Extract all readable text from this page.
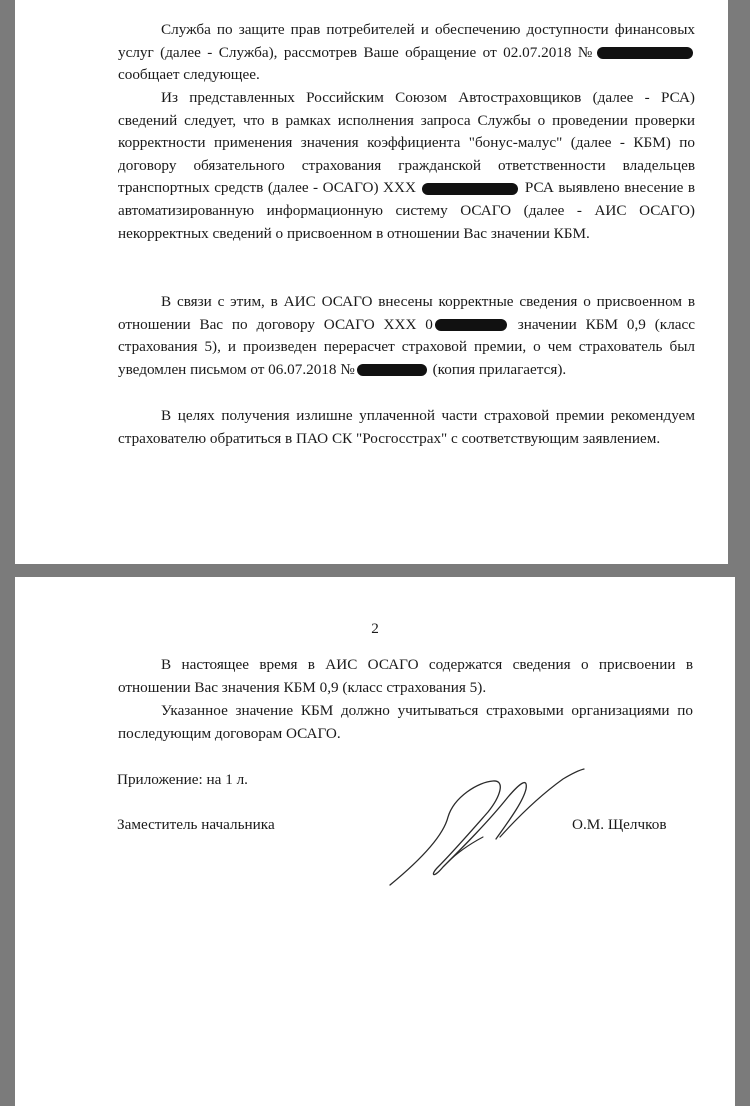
Служба по защите прав потребителей и обеспечению доступности финансовых услуг (далее - Служба), рассмотрев Ваше обращение от 02.07.2018 №сообщает следующее.

Из представленных Российским Союзом Автостраховщиков (далее - РСА) сведений следует, что в рамках исполнения запроса Службы о проведении проверки корректности применения значения коэффициента "бонус-малус" (далее - КБМ) по договору обязательного страхования гражданской ответственности владельцев транспортных средств (далее - ОСАГО) ХХХ	РСА выявлено внесение в автоматизированную информационную систему ОСАГО (далее - АИС ОСАГО) некорректных сведений о присвоенном в отношении Вас значении КБМ.

В связи с этим, в АИС ОСАГО внесены корректные сведения о присвоенном в отношении Вас по договору ОСАГО ХХХ 0	значении КБМ 0,9 (класс страхования 5), и произведен перерасчет страховой премии, о чем страхователь был уведомлен письмом от 06.07.2018 №	(копия прилагается).

В целях получения излишне уплаченной части страховой премии рекомендуем страхователю обратиться в ПАО СК "Росгосстрах" с соответствующим заявлением.

2

В настоящее время в АИС ОСАГО содержатся сведения о присвоении в отношении Вас значения КБМ 0,9 (класс страхования 5).

Указанное значение КБМ должно учитываться страховыми организациями по последующим договорам ОСАГО.

Приложение: на 1 л.
Заместитель начальника	О.М. Щелчков
